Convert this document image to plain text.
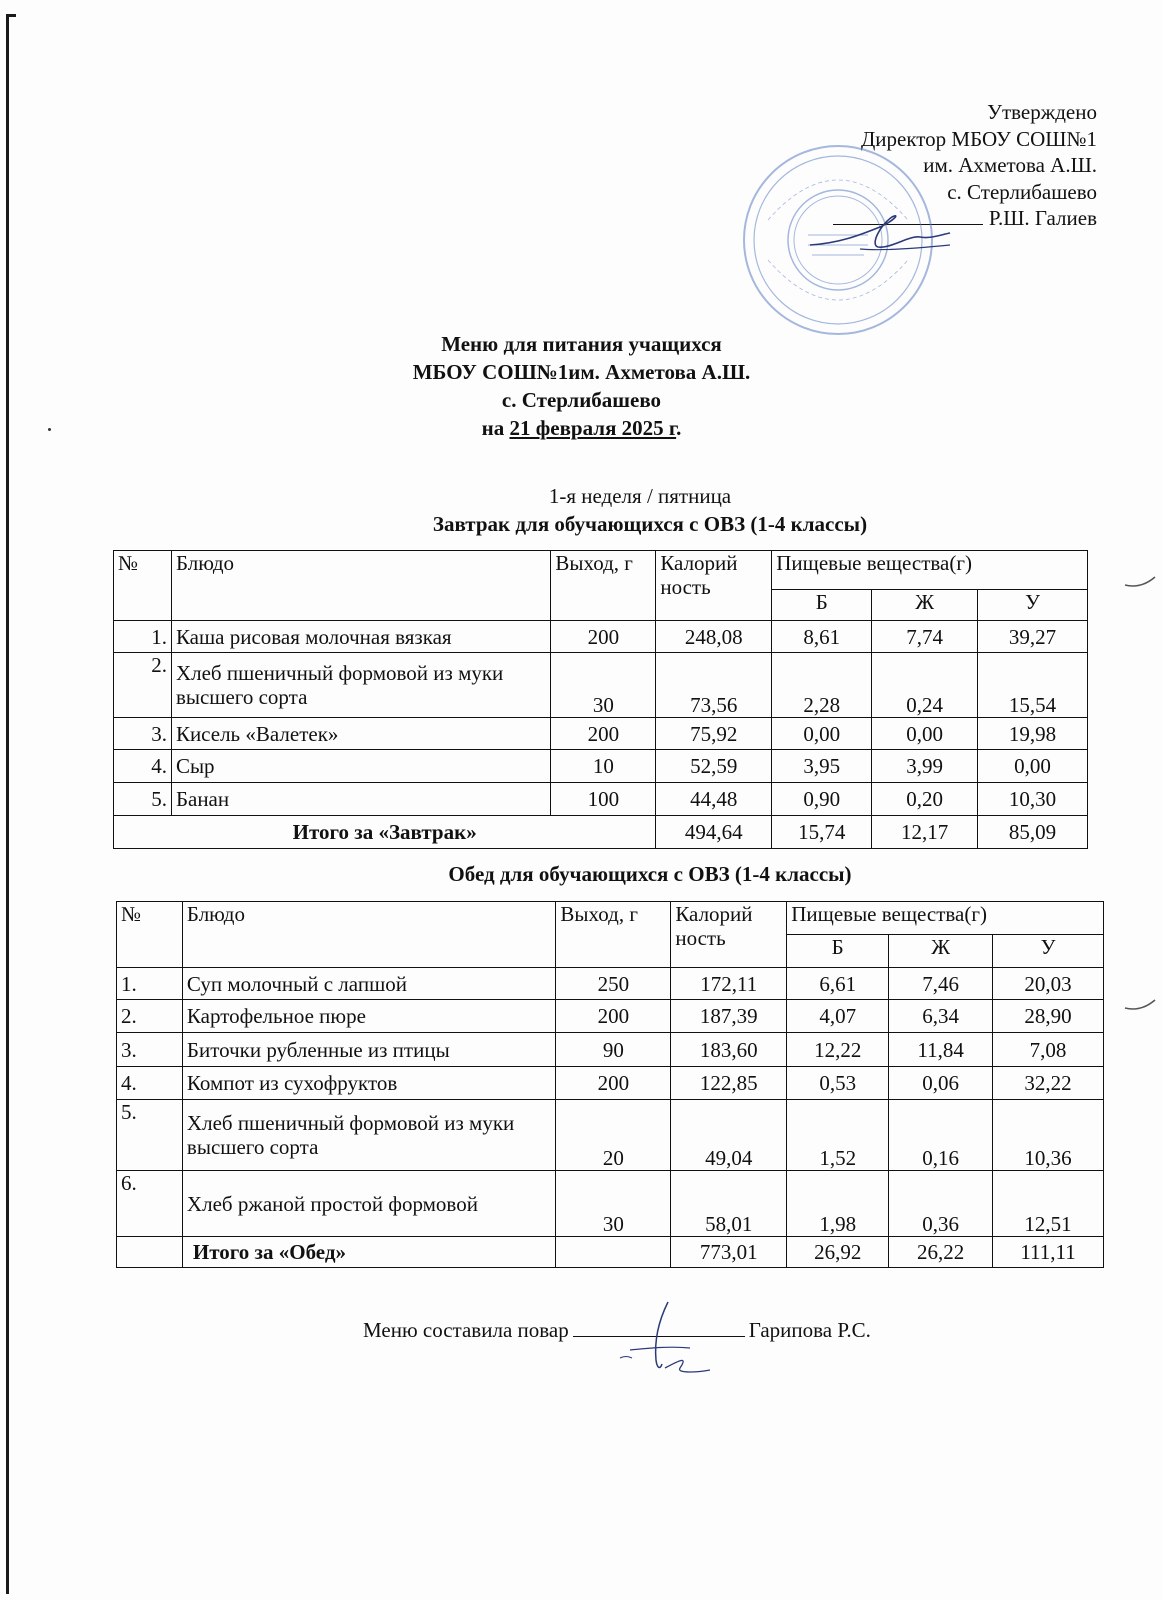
Утверждено
Директор МБОУ СОШ№1
им. Ахметова А.Ш.
с. Стерлибашево
Р.Ш. Галиев
Меню для питания учащихся
МБОУ СОШ№1им. Ахметова А.Ш.
с. Стерлибашево
на 21 февраля 2025 г.
1-я неделя / пятница
Завтрак для обучающихся с ОВЗ (1-4 классы)
№	Блюдо	Выход, г	Калорий ность	Пищевые вещества(г)		
				Б	Ж	У
1.	Каша рисовая молочная вязкая	200	248,08	8,61	7,74	39,27
2.	Хлеб пшеничный формовой из муки высшего сорта	30	73,56	2,28	0,24	15,54
3.	Кисель «Валетек»	200	75,92	0,00	0,00	19,98
4.	Сыр	10	52,59	3,95	3,99	0,00
5.	Банан	100	44,48	0,90	0,20	10,30
Итого за «Завтрак»			494,64	15,74	12,17	85,09
Обед для обучающихся с ОВЗ (1-4 классы)
№	Блюдо	Выход, г	Калорий ность	Пищевые вещества(г)		
				Б	Ж	У
1.	Суп молочный с лапшой	250	172,11	6,61	7,46	20,03
2.	Картофельное пюре	200	187,39	4,07	6,34	28,90
3.	Биточки рубленные из птицы	90	183,60	12,22	11,84	7,08
4.	Компот из сухофруктов	200	122,85	0,53	0,06	32,22
5.	Хлеб пшеничный формовой из муки высшего сорта	20	49,04	1,52	0,16	10,36
6.	Хлеб ржаной простой формовой	30	58,01	1,98	0,36	12,51
	Итого за «Обед»		773,01	26,92	26,22	111,11
Меню составила повар	Гарипова Р.С.
